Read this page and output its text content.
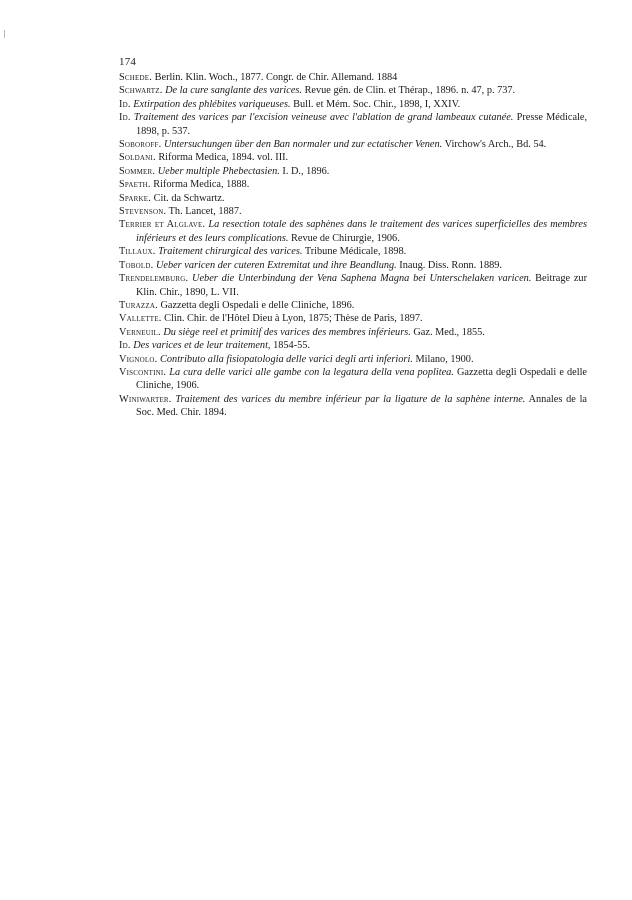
174
Schede. Berlin. Klin. Woch., 1877. Congr. de Chir. Allemand. 1884
Schwartz. De la cure sanglante des varices. Revue gén. de Clin. et Thérap., 1896. n. 47, p. 737.
Id. Extirpation des phlébites variqueuses. Bull. et Mém. Soc. Chir., 1898, I, XXIV.
Id. Traitement des varices par l'excision veineuse avec l'ablation de grand lambeaux cutanée. Presse Médicale, 1898, p. 537.
Soboroff. Untersuchungen über den Ban normaler und zur ectatischer Venen. Virchow's Arch., Bd. 54.
Soldani. Riforma Medica, 1894. vol. III.
Sommer. Ueber multiple Phebectasien. I. D., 1896.
Spaeth. Riforma Medica, 1888.
Sparke. Cit. da Schwartz.
Stevenson. Th. Lancet, 1887.
Terrier et Alglave. La resection totale des saphènes dans le traitement des varices superficielles des membres inférieurs et des leurs complications. Revue de Chirurgie, 1906.
Tillaux. Traitement chirurgical des varices. Tribune Médicale, 1898.
Tobold. Ueber varicen der cuteren Extremitat und ihre Beandlung. Inaug. Diss. Ronn. 1889.
Trendelemburg. Ueber die Unterbindung der Vena Saphena Magna bei Unterschelaken varicen. Beitrage zur Klin. Chir., 1890, L. VII.
Turazza. Gazzetta degli Ospedali e delle Cliniche, 1896.
Vallette. Clin. Chir. de l'Hôtel Dieu à Lyon, 1875; Thèse de Paris, 1897.
Verneuil. Du siège reel et primitif des varices des membres inférieurs. Gaz. Med., 1855.
Id. Des varices et de leur traitement, 1854-55.
Vignolo. Contributo alla fisiopatologia delle varici degli arti inferiori. Milano, 1900.
Viscontini. La cura delle varici alle gambe con la legatura della vena poplitea. Gazzetta degli Ospedali e delle Cliniche, 1906.
Winiwarter. Traitement des varices du membre inférieur par la ligature de la saphène interne. Annales de la Soc. Med. Chir. 1894.
